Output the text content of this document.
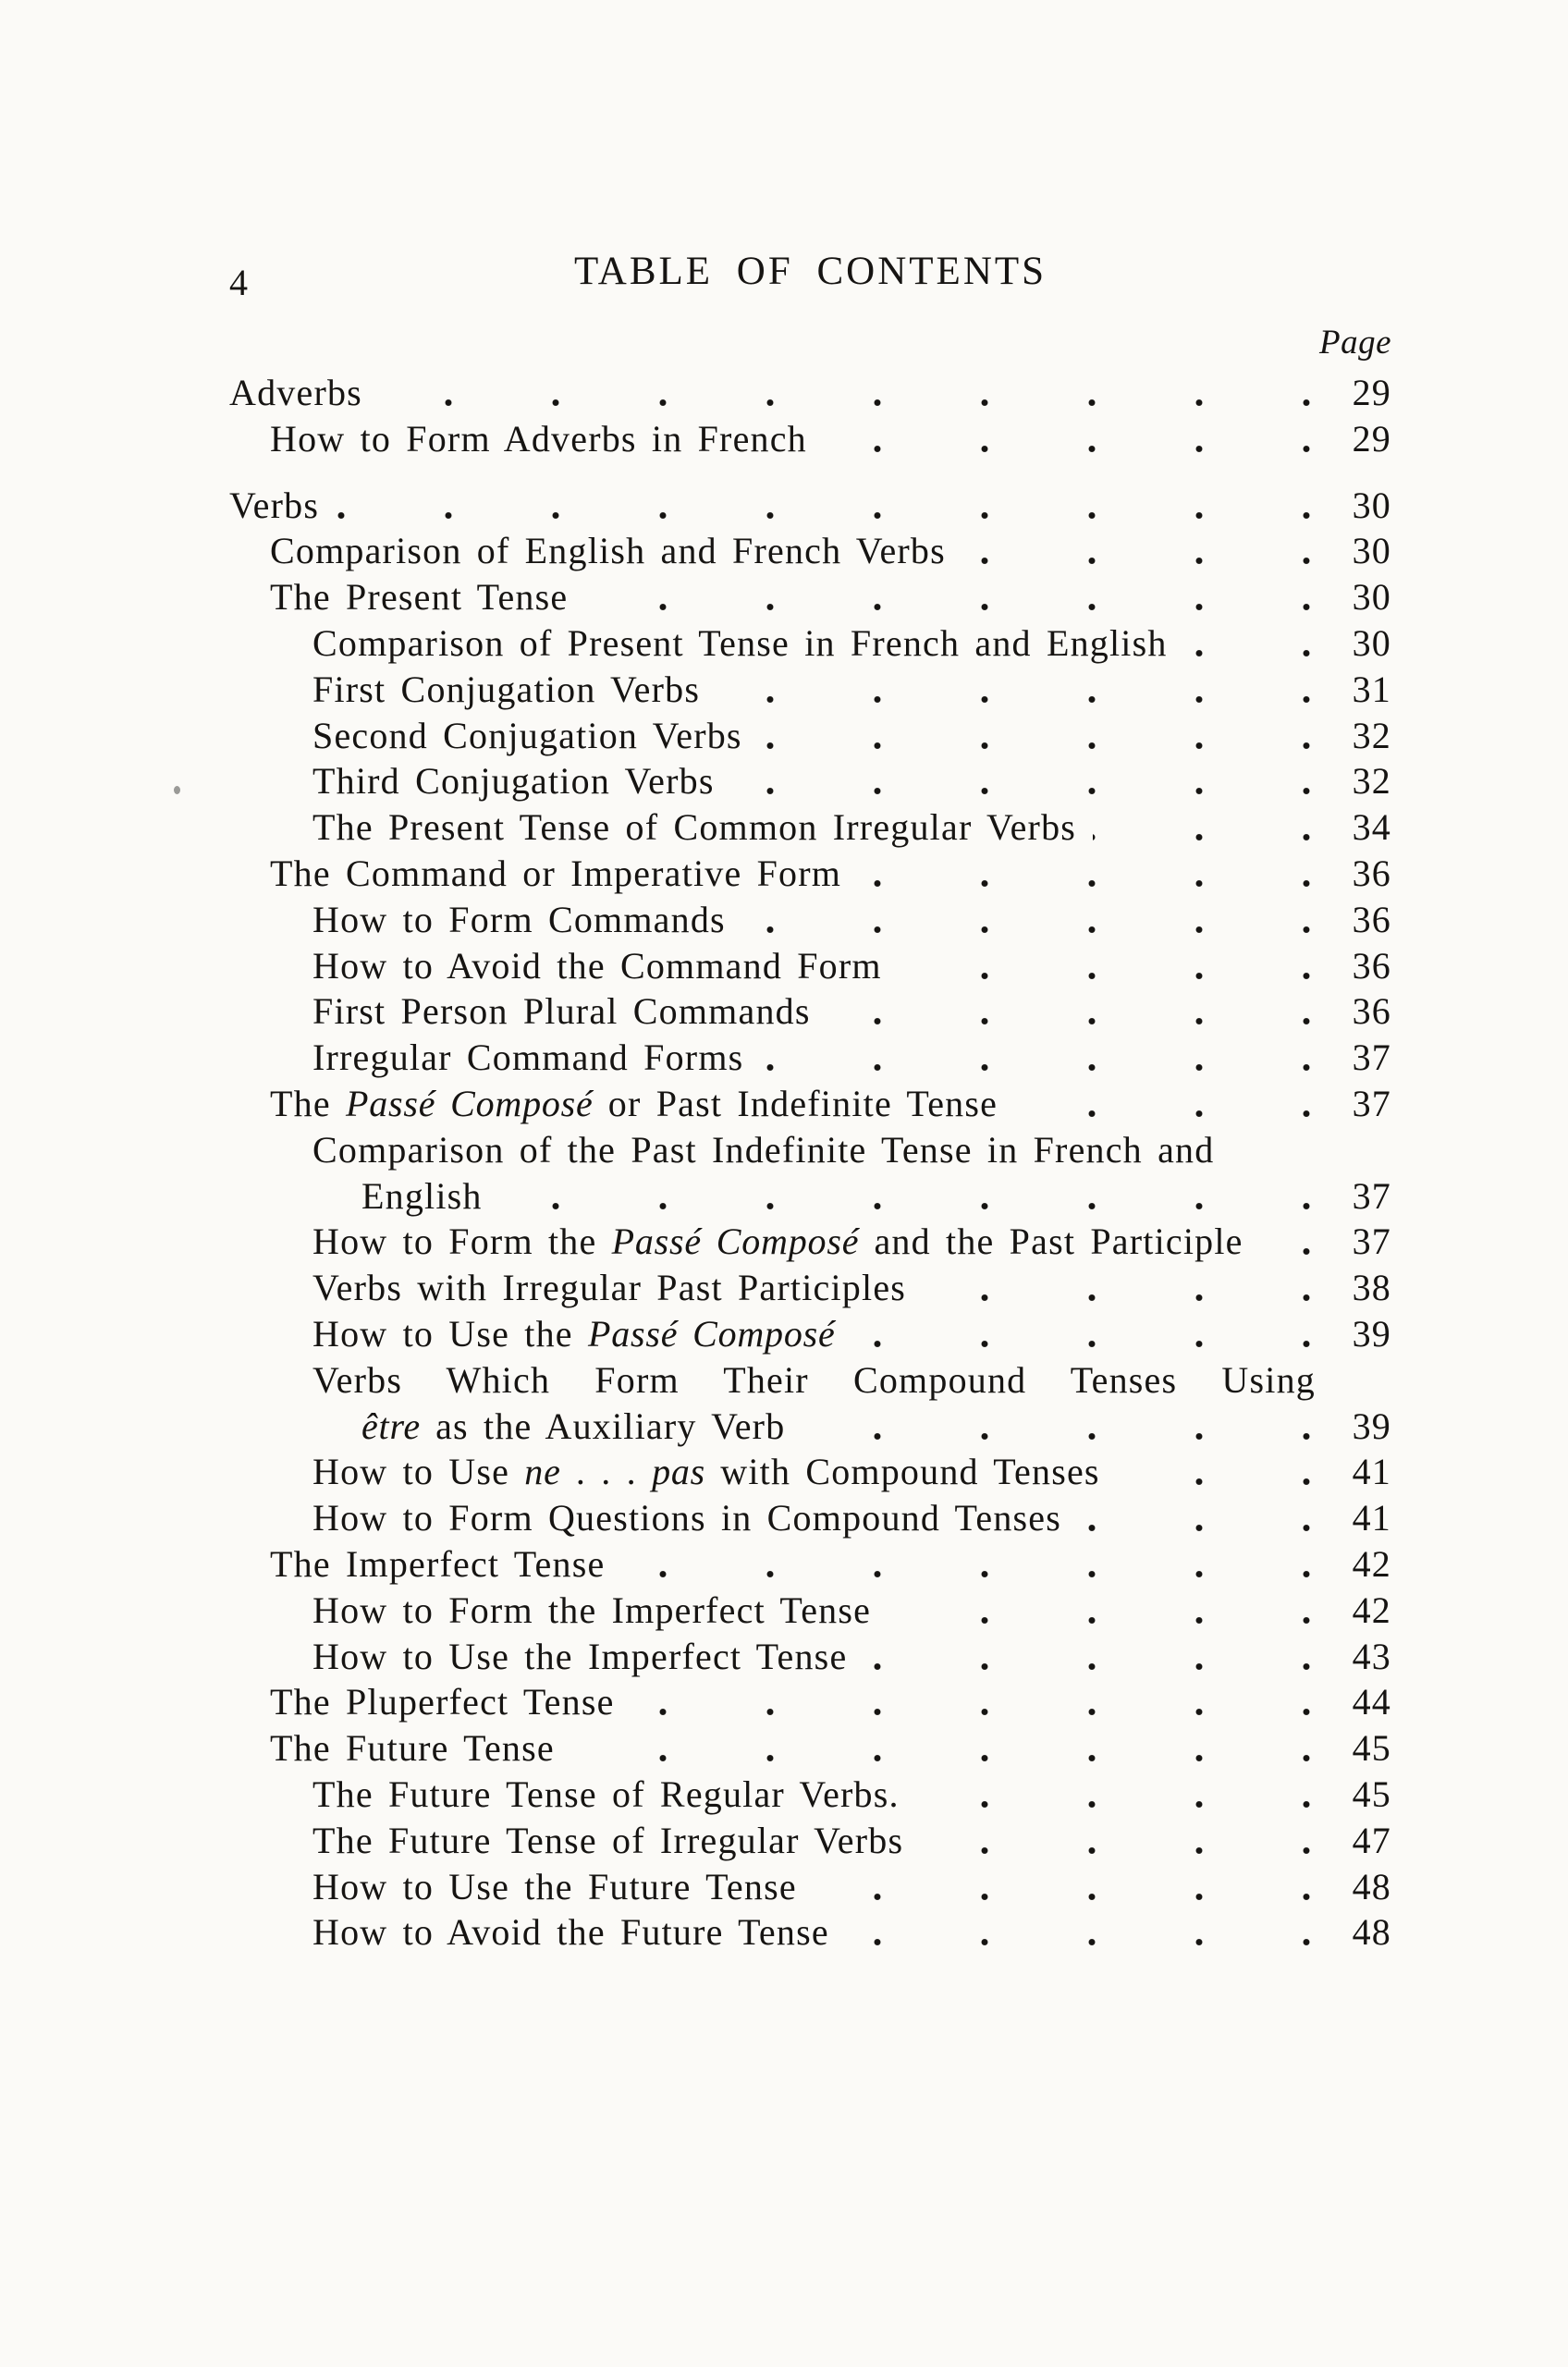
4	TABLE OF CONTENTS
Page
Adverbs	29
How to Form Adverbs in French	29
Verbs	30
Comparison of English and French Verbs	30
The Present Tense	30
Comparison of Present Tense in French and English	30
First Conjugation Verbs	31
Second Conjugation Verbs	32
Third Conjugation Verbs	32
The Present Tense of Common Irregular Verbs	34
The Command or Imperative Form	36
How to Form Commands	36
How to Avoid the Command Form	36
First Person Plural Commands	36
Irregular Command Forms	37
The Passé Composé or Past Indefinite Tense	37
Comparison of the Past Indefinite Tense in French and
English	37
How to Form the Passé Composé and the Past Participle	37
Verbs with Irregular Past Participles	38
How to Use the Passé Composé	39
Verbs Which Form Their Compound Tenses Using
être as the Auxiliary Verb	39
How to Use ne . . . pas with Compound Tenses	41
How to Form Questions in Compound Tenses	41
The Imperfect Tense	42
How to Form the Imperfect Tense	42
How to Use the Imperfect Tense	43
The Pluperfect Tense	44
The Future Tense	45
The Future Tense of Regular Verbs.	45
The Future Tense of Irregular Verbs	47
How to Use the Future Tense	48
How to Avoid the Future Tense	48
